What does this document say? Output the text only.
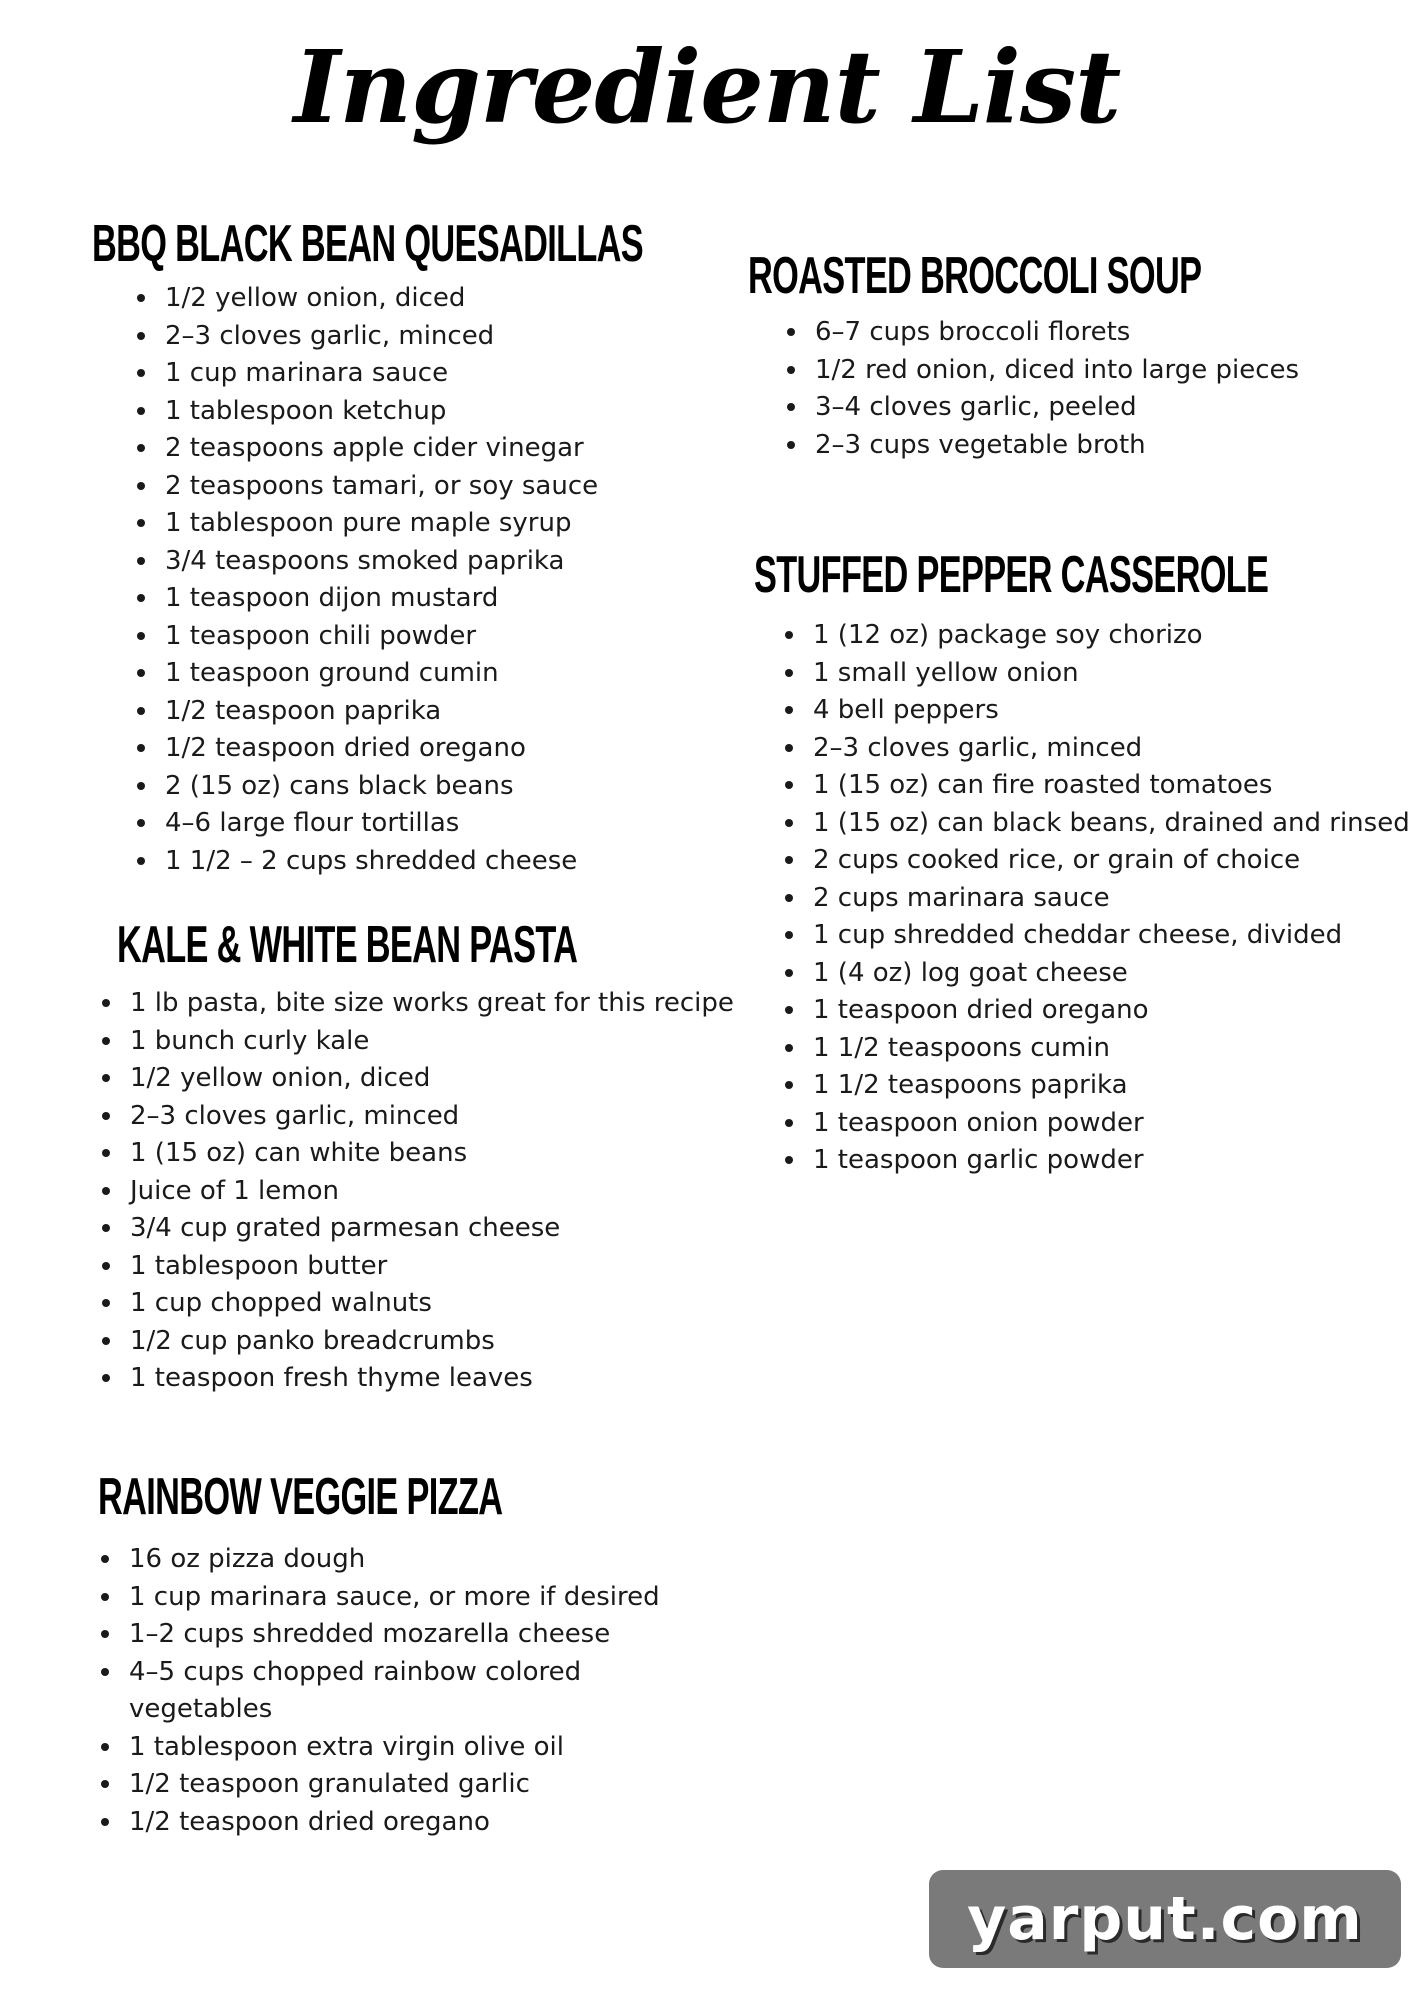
Ingredient List
BBQ BLACK BEAN QUESADILLAS
1/2 yellow onion, diced
2–3 cloves garlic, minced
1 cup marinara sauce
1 tablespoon ketchup
2 teaspoons apple cider vinegar
2 teaspoons tamari, or soy sauce
1 tablespoon pure maple syrup
3/4 teaspoons smoked paprika
1 teaspoon dijon mustard
1 teaspoon chili powder
1 teaspoon ground cumin
1/2 teaspoon paprika
1/2 teaspoon dried oregano
2 (15 oz) cans black beans
4–6 large flour tortillas
1 1/2 – 2 cups shredded cheese
KALE & WHITE BEAN PASTA
1 lb pasta, bite size works great for this recipe
1 bunch curly kale
1/2 yellow onion, diced
2–3 cloves garlic, minced
1 (15 oz) can white beans
Juice of 1 lemon
3/4 cup grated parmesan cheese
1 tablespoon butter
1 cup chopped walnuts
1/2 cup panko breadcrumbs
1 teaspoon fresh thyme leaves
RAINBOW VEGGIE PIZZA
16 oz pizza dough
1 cup marinara sauce, or more if desired
1–2 cups shredded mozarella cheese
4–5 cups chopped rainbow colored vegetables
1 tablespoon extra virgin olive oil
1/2 teaspoon granulated garlic
1/2 teaspoon dried oregano
ROASTED BROCCOLI SOUP
6–7 cups broccoli florets
1/2 red onion, diced into large pieces
3–4 cloves garlic, peeled
2–3 cups vegetable broth
STUFFED PEPPER CASSEROLE
1 (12 oz) package soy chorizo
1 small yellow onion
4 bell peppers
2–3 cloves garlic, minced
1 (15 oz) can fire roasted tomatoes
1 (15 oz) can black beans, drained and rinsed
2 cups cooked rice, or grain of choice
2 cups marinara sauce
1 cup shredded cheddar cheese, divided
1 (4 oz) log goat cheese
1 teaspoon dried oregano
1 1/2 teaspoons cumin
1 1/2 teaspoons paprika
1 teaspoon onion powder
1 teaspoon garlic powder
yarput.com
